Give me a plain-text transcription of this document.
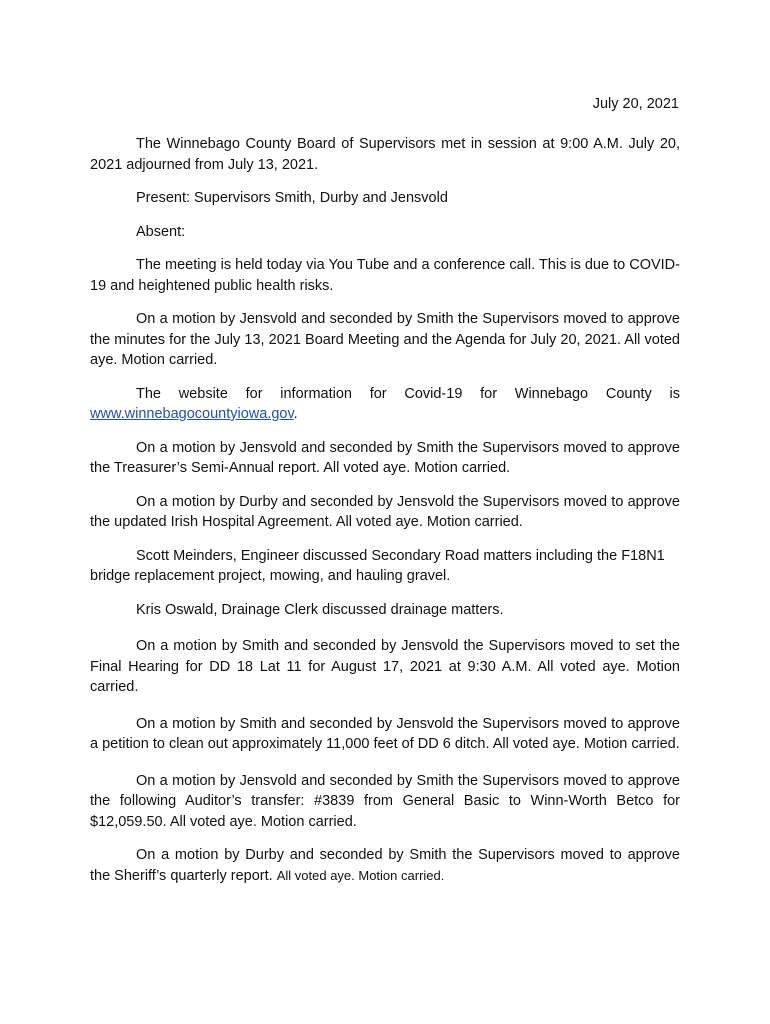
July 20, 2021

The Winnebago County Board of Supervisors met in session at 9:00 A.M. July 20, 2021 adjourned from July 13, 2021.

Present: Supervisors Smith, Durby and Jensvold

Absent:

The meeting is held today via You Tube and a conference call. This is due to COVID-19 and heightened public health risks.

On a motion by Jensvold and seconded by Smith the Supervisors moved to approve the minutes for the July 13, 2021 Board Meeting and the Agenda for July 20, 2021. All voted aye. Motion carried.

The website for information for Covid-19 for Winnebago County is www.winnebagocountyiowa.gov.

On a motion by Jensvold and seconded by Smith the Supervisors moved to approve the Treasurer’s Semi-Annual report. All voted aye. Motion carried.

On a motion by Durby and seconded by Jensvold the Supervisors moved to approve the updated Irish Hospital Agreement. All voted aye. Motion carried.

Scott Meinders, Engineer discussed Secondary Road matters including the F18N1 bridge replacement project, mowing, and hauling gravel.

Kris Oswald, Drainage Clerk discussed drainage matters.

On a motion by Smith and seconded by Jensvold the Supervisors moved to set the Final Hearing for DD 18 Lat 11 for August 17, 2021 at 9:30 A.M. All voted aye. Motion carried.

On a motion by Smith and seconded by Jensvold the Supervisors moved to approve a petition to clean out approximately 11,000 feet of DD 6 ditch. All voted aye. Motion carried.

On a motion by Jensvold and seconded by Smith the Supervisors moved to approve the following Auditor’s transfer: #3839 from General Basic to Winn-Worth Betco for $12,059.50. All voted aye. Motion carried.

On a motion by Durby and seconded by Smith the Supervisors moved to approve the Sheriff’s quarterly report. All voted aye. Motion carried.
